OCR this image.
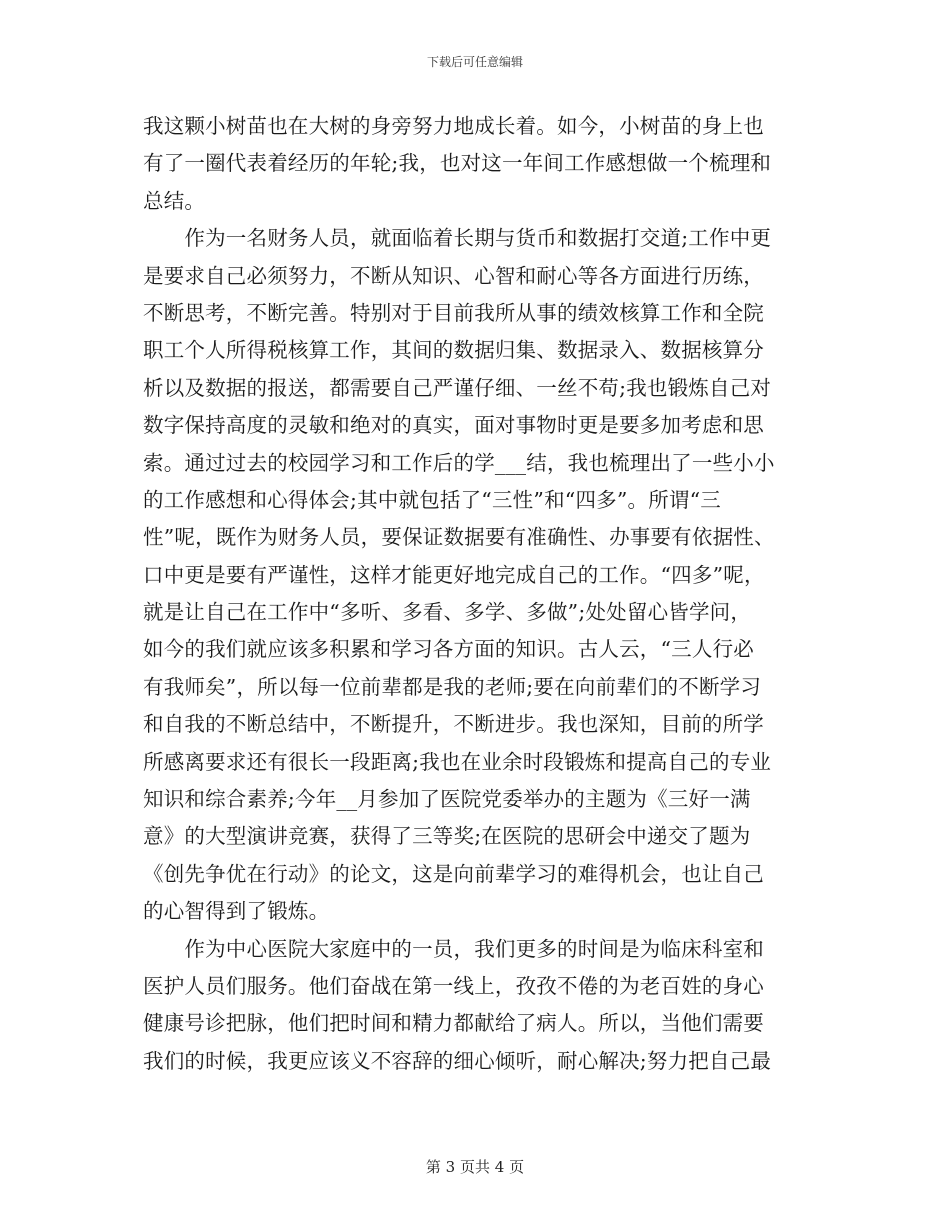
下载后可任意编辑
我这颗小树苗也在大树的身旁努力地成长着。如今，小树苗的身上也
有了一圈代表着经历的年轮;我，也对这一年间工作感想做一个梳理和
总结。
　　作为一名财务人员，就面临着长期与货币和数据打交道;工作中更
是要求自己必须努力，不断从知识、心智和耐心等各方面进行历练，
不断思考，不断完善。特别对于目前我所从事的绩效核算工作和全院
职工个人所得税核算工作，其间的数据归集、数据录入、数据核算分
析以及数据的报送，都需要自己严谨仔细、一丝不苟;我也锻炼自己对
数字保持高度的灵敏和绝对的真实，面对事物时更是要多加考虑和思
索。通过过去的校园学习和工作后的学___结，我也梳理出了一些小小
的工作感想和心得体会;其中就包括了“三性”和“四多”。所谓“三
性”呢，既作为财务人员，要保证数据要有准确性、办事要有依据性、
口中更是要有严谨性，这样才能更好地完成自己的工作。“四多”呢，
就是让自己在工作中“多听、多看、多学、多做”;处处留心皆学问，
如今的我们就应该多积累和学习各方面的知识。古人云，“三人行必
有我师矣”，所以每一位前辈都是我的老师;要在向前辈们的不断学习
和自我的不断总结中，不断提升，不断进步。我也深知，目前的所学
所感离要求还有很长一段距离;我也在业余时段锻炼和提高自己的专业
知识和综合素养;今年__月参加了医院党委举办的主题为《三好一满
意》的大型演讲竞赛，获得了三等奖;在医院的思研会中递交了题为
《创先争优在行动》的论文，这是向前辈学习的难得机会，也让自己
的心智得到了锻炼。
　　作为中心医院大家庭中的一员，我们更多的时间是为临床科室和
医护人员们服务。他们奋战在第一线上，孜孜不倦的为老百姓的身心
健康号诊把脉，他们把时间和精力都献给了病人。所以，当他们需要
我们的时候，我更应该义不容辞的细心倾听，耐心解决;努力把自己最
第 3 页共 4 页
